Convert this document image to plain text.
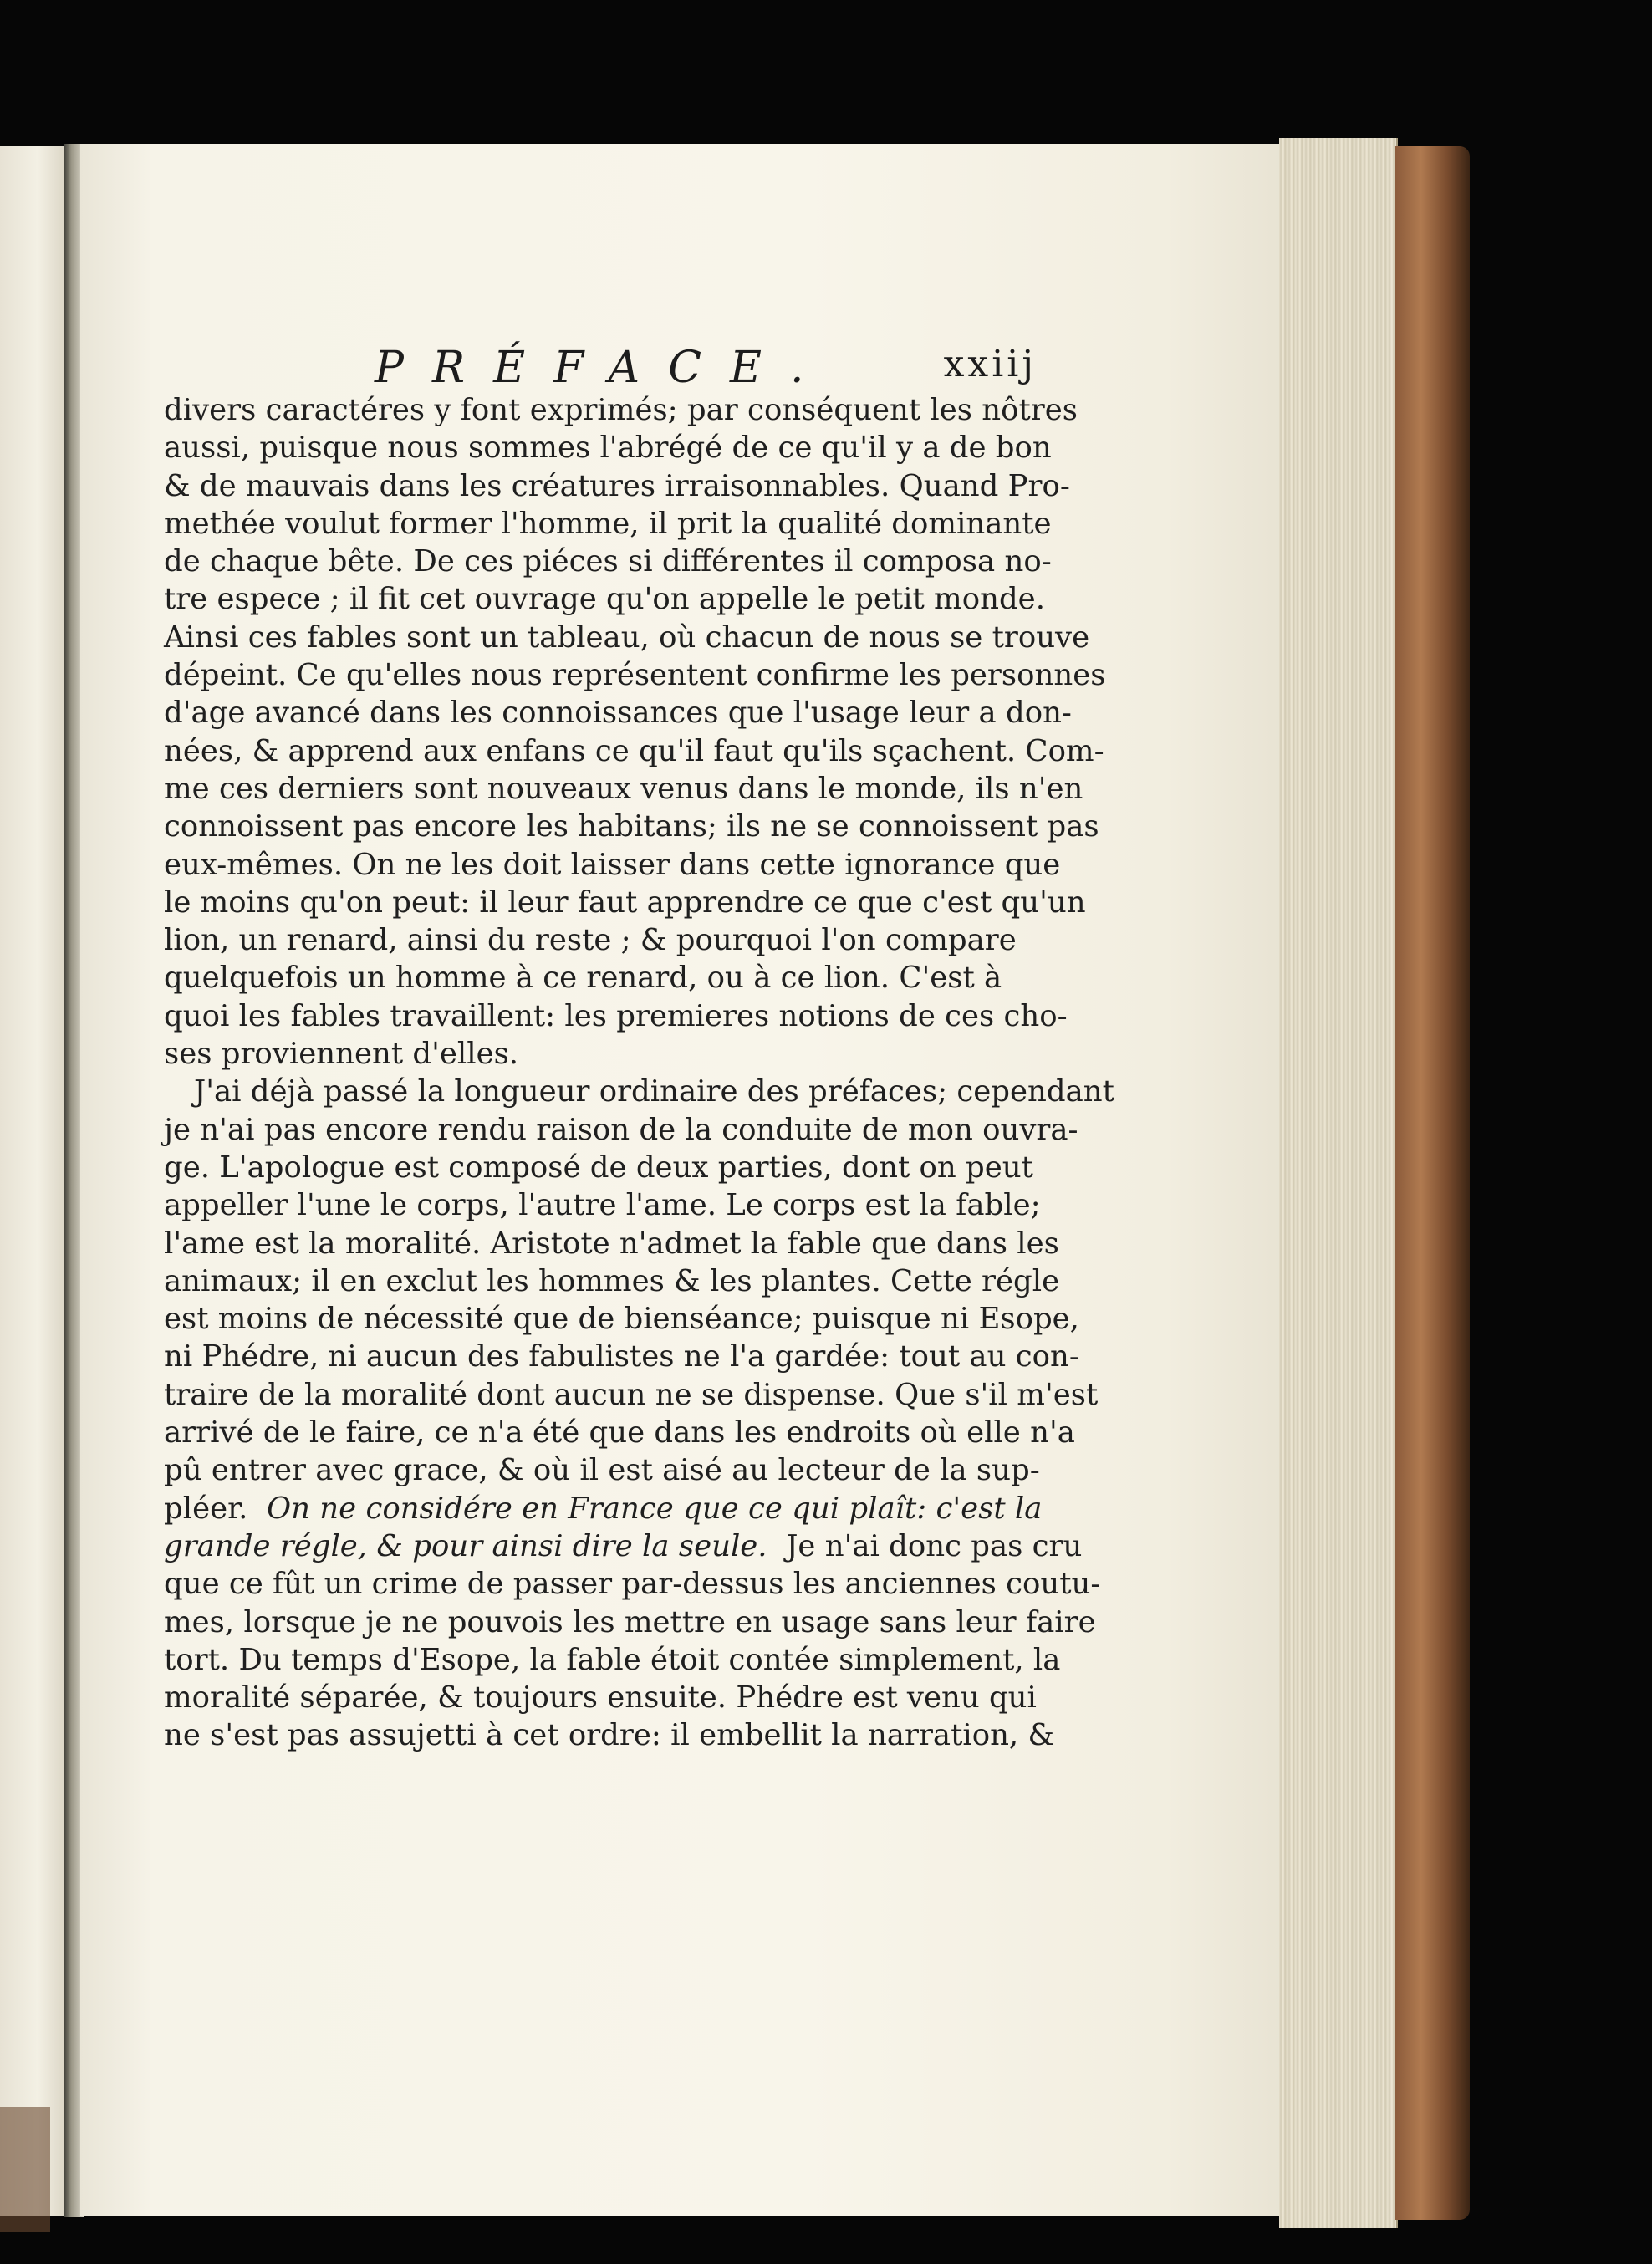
PRÉFACE.	xxiij
divers caractéres y font exprimés; par conséquent les nôtres
aussi, puisque nous sommes l'abrégé de ce qu'il y a de bon
& de mauvais dans les créatures irraisonnables. Quand Pro-
methée voulut former l'homme, il prit la qualité dominante
de chaque bête. De ces piéces si différentes il composa no-
tre espece ; il fit cet ouvrage qu'on appelle le petit monde.
Ainsi ces fables sont un tableau, où chacun de nous se trouve
dépeint. Ce qu'elles nous représentent confirme les personnes
d'age avancé dans les connoissances que l'usage leur a don-
nées, & apprend aux enfans ce qu'il faut qu'ils sçachent. Com-
me ces derniers sont nouveaux venus dans le monde, ils n'en
connoissent pas encore les habitans; ils ne se connoissent pas
eux-mêmes. On ne les doit laisser dans cette ignorance que
le moins qu'on peut: il leur faut apprendre ce que c'est qu'un
lion, un renard, ainsi du reste ; & pourquoi l'on compare
quelquefois un homme à ce renard, ou à ce lion. C'est à
quoi les fables travaillent: les premieres notions de ces cho-
ses proviennent d'elles.
J'ai déjà passé la longueur ordinaire des préfaces; cependant
je n'ai pas encore rendu raison de la conduite de mon ouvra-
ge. L'apologue est composé de deux parties, dont on peut
appeller l'une le corps, l'autre l'ame. Le corps est la fable;
l'ame est la moralité. Aristote n'admet la fable que dans les
animaux; il en exclut les hommes & les plantes. Cette régle
est moins de nécessité que de bienséance; puisque ni Esope,
ni Phédre, ni aucun des fabulistes ne l'a gardée: tout au con-
traire de la moralité dont aucun ne se dispense. Que s'il m'est
arrivé de le faire, ce n'a été que dans les endroits où elle n'a
pû entrer avec grace, & où il est aisé au lecteur de la sup-
pléer. On ne considére en France que ce qui plaît: c'est la
grande régle, & pour ainsi dire la seule. Je n'ai donc pas cru
que ce fût un crime de passer par-dessus les anciennes coutu-
mes, lorsque je ne pouvois les mettre en usage sans leur faire
tort. Du temps d'Esope, la fable étoit contée simplement, la
moralité séparée, & toujours ensuite. Phédre est venu qui
ne s'est pas assujetti à cet ordre: il embellit la narration, &
